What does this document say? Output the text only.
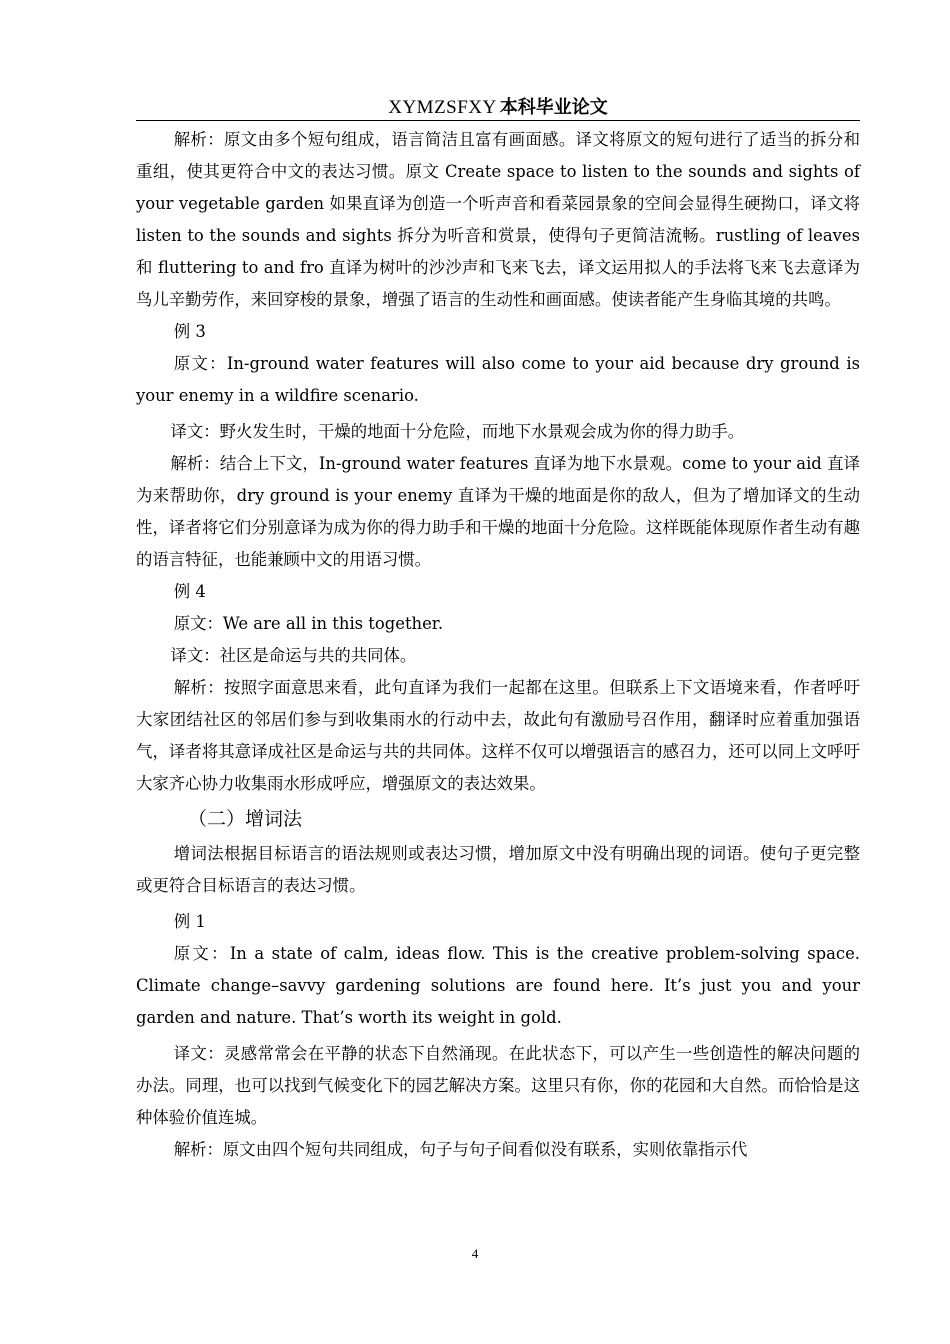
XYMZSFXY 本科毕业论文

解析：原文由多个短句组成，语言简洁且富有画面感。译文将原文的短句进行了适当的拆分和重组，使其更符合中文的表达习惯。原文 Create space to listen to the sounds and sights of your vegetable garden 如果直译为创造一个听声音和看菜园景象的空间会显得生硬拗口，译文将 listen to the sounds and sights 拆分为听音和赏景，使得句子更简洁流畅。rustling of leaves 和 fluttering to and fro 直译为树叶的沙沙声和飞来飞去，译文运用拟人的手法将飞来飞去意译为鸟儿辛勤劳作，来回穿梭的景象，增强了语言的生动性和画面感。使读者能产生身临其境的共鸣。

例 3

原文：In-ground water features will also come to your aid because dry ground is your enemy in a wildfire scenario.

译文：野火发生时，干燥的地面十分危险，而地下水景观会成为你的得力助手。

解析：结合上下文，In-ground water features 直译为地下水景观。come to your aid 直译为来帮助你，dry ground is your enemy 直译为干燥的地面是你的敌人，但为了增加译文的生动性，译者将它们分别意译为成为你的得力助手和干燥的地面十分危险。这样既能体现原作者生动有趣的语言特征，也能兼顾中文的用语习惯。

例 4

原文：We are all in this together.

译文：社区是命运与共的共同体。

解析：按照字面意思来看，此句直译为我们一起都在这里。但联系上下文语境来看，作者呼吁大家团结社区的邻居们参与到收集雨水的行动中去，故此句有激励号召作用，翻译时应着重加强语气，译者将其意译成社区是命运与共的共同体。这样不仅可以增强语言的感召力，还可以同上文呼吁大家齐心协力收集雨水形成呼应，增强原文的表达效果。

（二）增词法

增词法根据目标语言的语法规则或表达习惯，增加原文中没有明确出现的词语。使句子更完整或更符合目标语言的表达习惯。

例 1

原文：In a state of calm, ideas flow. This is the creative problem-solving space. Climate change–savvy gardening solutions are found here. It’s just you and your garden and nature. That’s worth its weight in gold.

译文：灵感常常会在平静的状态下自然涌现。在此状态下，可以产生一些创造性的解决问题的办法。同理，也可以找到气候变化下的园艺解决方案。这里只有你，你的花园和大自然。而恰恰是这种体验价值连城。

解析：原文由四个短句共同组成，句子与句子间看似没有联系，实则依靠指示代

4
